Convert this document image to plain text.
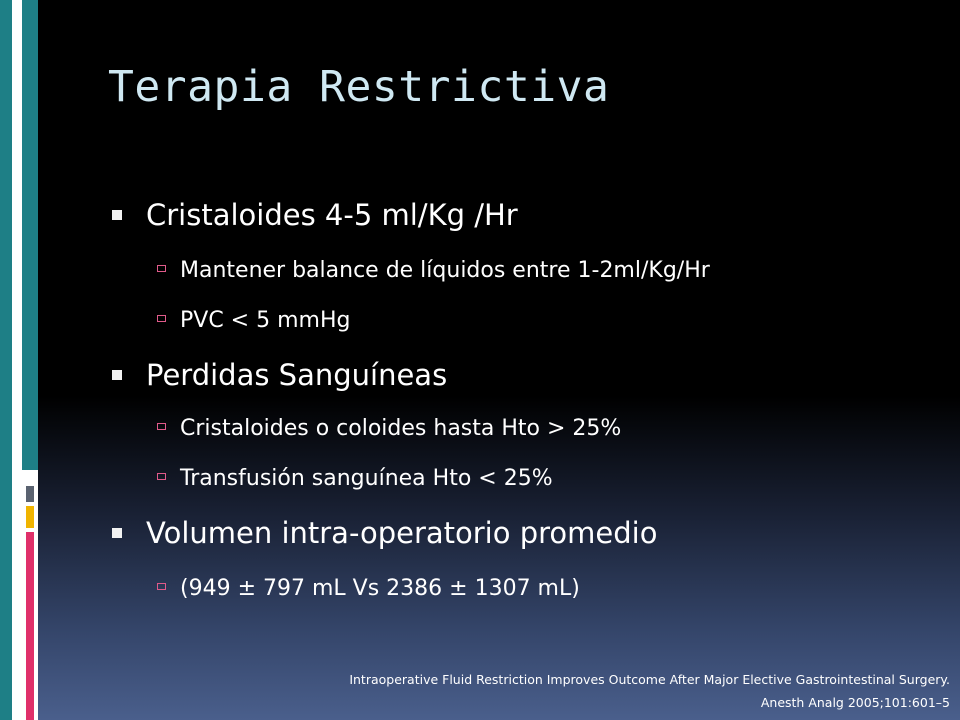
Terapia Restrictiva
Cristaloides 4-5 ml/Kg /Hr
Mantener balance de líquidos entre 1-2ml/Kg/Hr
PVC < 5 mmHg
Perdidas Sanguíneas
Cristaloides o coloides hasta Hto > 25%
Transfusión sanguínea Hto < 25%
Volumen intra-operatorio promedio
(949 ± 797 mL Vs 2386 ± 1307 mL)
Intraoperative Fluid Restriction Improves Outcome After Major Elective Gastrointestinal Surgery.
Anesth Analg 2005;101:601–5
